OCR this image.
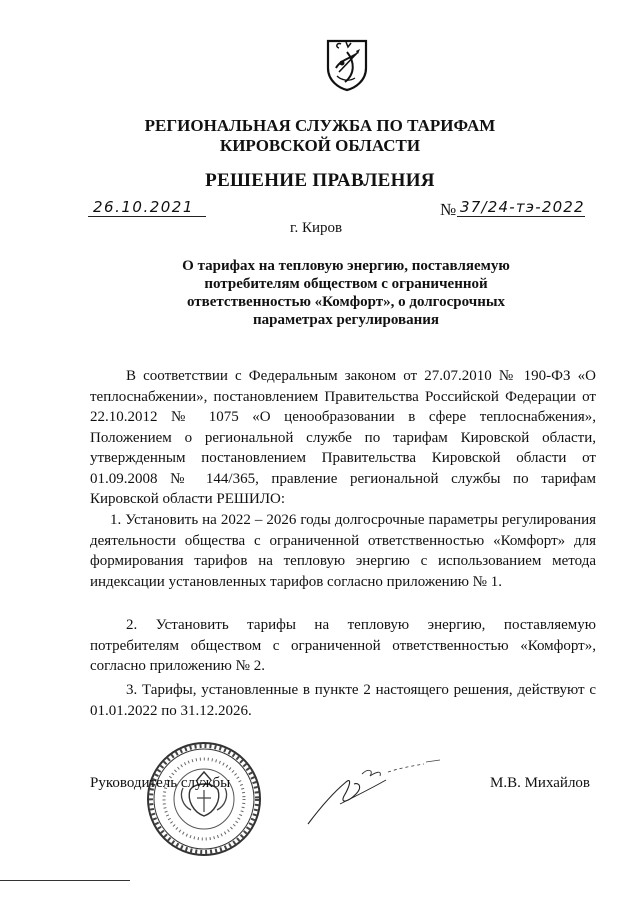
РЕГИОНАЛЬНАЯ СЛУЖБА ПО ТАРИФАМ
КИРОВСКОЙ ОБЛАСТИ
РЕШЕНИЕ ПРАВЛЕНИЯ
26.10.2021	№ 37/24-тэ-2022
г. Киров
О тарифах на тепловую энергию, поставляемую потребителям обществом с ограниченной ответственностью «Комфорт», о долгосрочных параметрах регулирования
В соответствии с Федеральным законом от 27.07.2010 № 190-ФЗ «О теплоснабжении», постановлением Правительства Российской Федерации от 22.10.2012 № 1075 «О ценообразовании в сфере теплоснабжения», Положением о региональной службе по тарифам Кировской области, утвержденным постановлением Правительства Кировской области от 01.09.2008 № 144/365, правление региональной службы по тарифам Кировской области РЕШИЛО:
1. Установить на 2022 – 2026 годы долгосрочные параметры регулирования деятельности общества с ограниченной ответственностью «Комфорт» для формирования тарифов на тепловую энергию с использованием метода индексации установленных тарифов согласно приложению № 1.
2. Установить тарифы на тепловую энергию, поставляемую потребителям обществом с ограниченной ответственностью «Комфорт», согласно приложению № 2.
3. Тарифы, установленные в пункте 2 настоящего решения, действуют с 01.01.2022 по 31.12.2026.
Руководитель службы	М.В. Михайлов
